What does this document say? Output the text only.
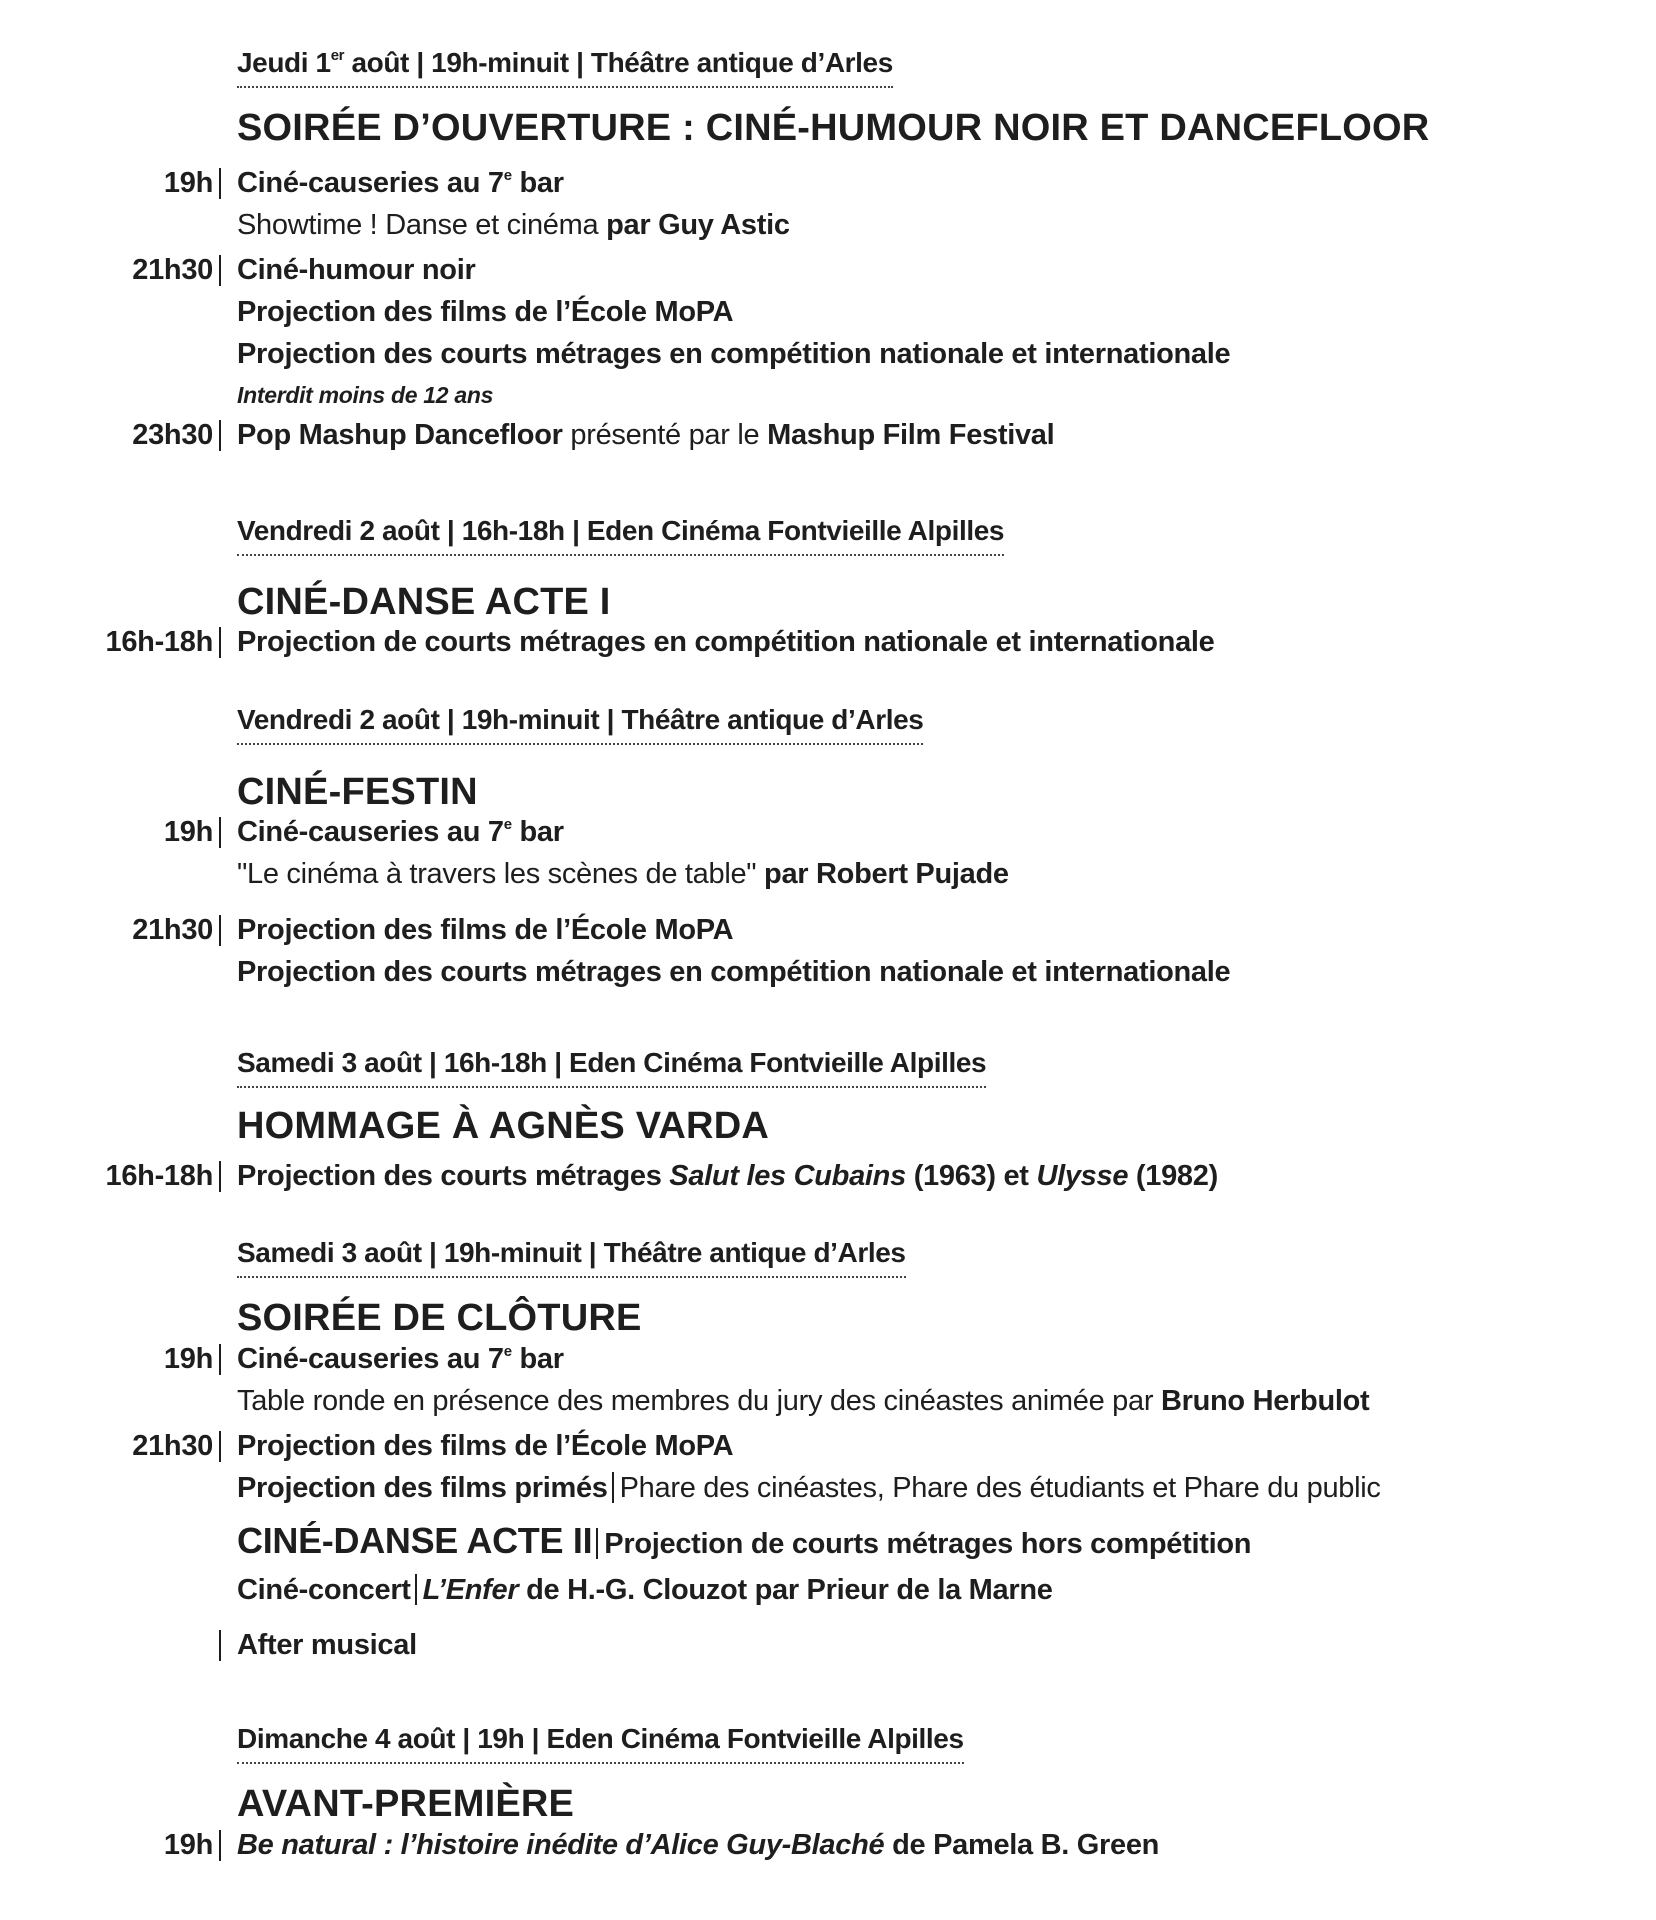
Jeudi 1er août | 19h-minuit | Théâtre antique d’Arles
SOIRÉE D’OUVERTURE : CINÉ-HUMOUR NOIR ET DANCEFLOOR
19h Ciné-causeries au 7e bar
Showtime ! Danse et cinéma par Guy Astic
21h30 Ciné-humour noir
Projection des films de l’École MoPA
Projection des courts métrages en compétition nationale et internationale
Interdit moins de 12 ans
23h30 Pop Mashup Dancefloor présenté par le Mashup Film Festival
Vendredi 2 août | 16h-18h | Eden Cinéma Fontvieille Alpilles
CINÉ-DANSE ACTE I
16h-18h Projection de courts métrages en compétition nationale et internationale
Vendredi 2 août | 19h-minuit | Théâtre antique d’Arles
CINÉ-FESTIN
19h Ciné-causeries au 7e bar
"Le cinéma à travers les scènes de table" par Robert Pujade
21h30 Projection des films de l’École MoPA
Projection des courts métrages en compétition nationale et internationale
Samedi 3 août | 16h-18h | Eden Cinéma Fontvieille Alpilles
HOMMAGE À AGNÈS VARDA
16h-18h Projection des courts métrages Salut les Cubains (1963) et Ulysse (1982)
Samedi 3 août | 19h-minuit | Théâtre antique d’Arles
SOIRÉE DE CLÔTURE
19h Ciné-causeries au 7e bar
Table ronde en présence des membres du jury des cinéastes animée par Bruno Herbulot
21h30 Projection des films de l’École MoPA
Projection des films primés Phare des cinéastes, Phare des étudiants et Phare du public
CINÉ-DANSE ACTE II Projection de courts métrages hors compétition
Ciné-concert L’Enfer de H.-G. Clouzot par Prieur de la Marne
After musical
Dimanche 4 août | 19h | Eden Cinéma Fontvieille Alpilles
AVANT-PREMIÈRE
19h Be natural : l’histoire inédite d’Alice Guy-Blaché de Pamela B. Green
